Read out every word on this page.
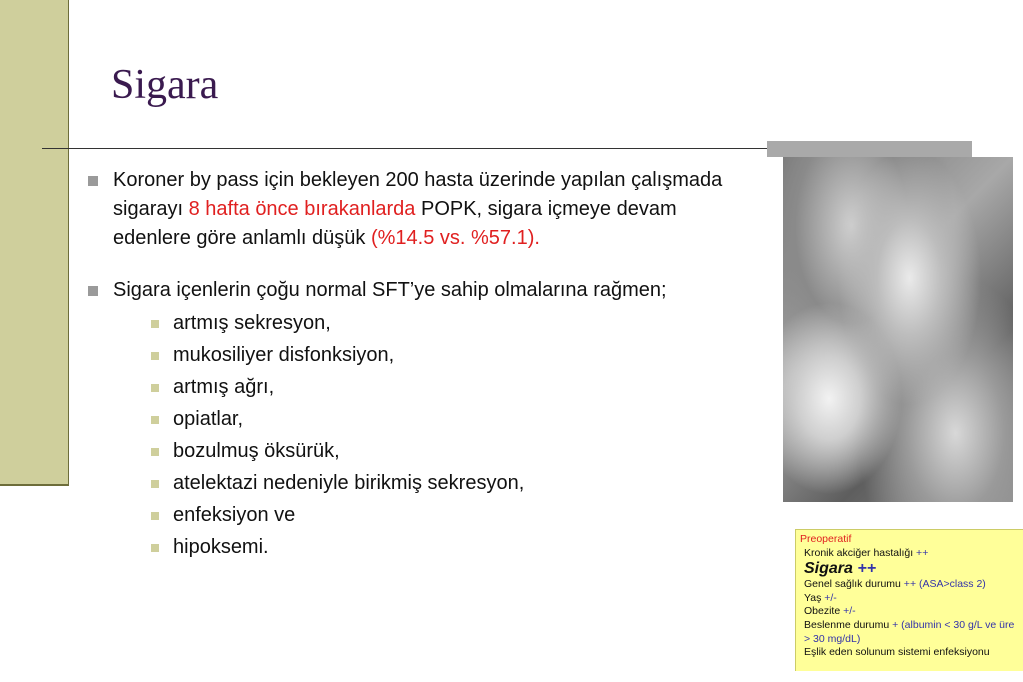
Sigara
Koroner by pass için bekleyen 200 hasta üzerinde yapılan çalışmada sigarayı 8 hafta önce bırakanlarda POPK, sigara içmeye devam edenlere göre anlamlı düşük (%14.5 vs. %57.1).
Sigara içenlerin çoğu normal SFT’ye sahip olmalarına rağmen;
artmış sekresyon,
mukosiliyer disfonksiyon,
artmış ağrı,
opiatlar,
bozulmuş öksürük,
atelektazi nedeniyle birikmiş sekresyon,
enfeksiyon ve
hipoksemi.	Preoperatif
Kronik akciğer hastalığı ++
Sigara ++
Genel sağlık durumu ++ (ASA>class 2)
Yaş +/-
Obezite +/-
Beslenme durumu + (albumin < 30 g/L ve üre > 30 mg/dL)
Eşlik eden solunum sistemi enfeksiyonu
